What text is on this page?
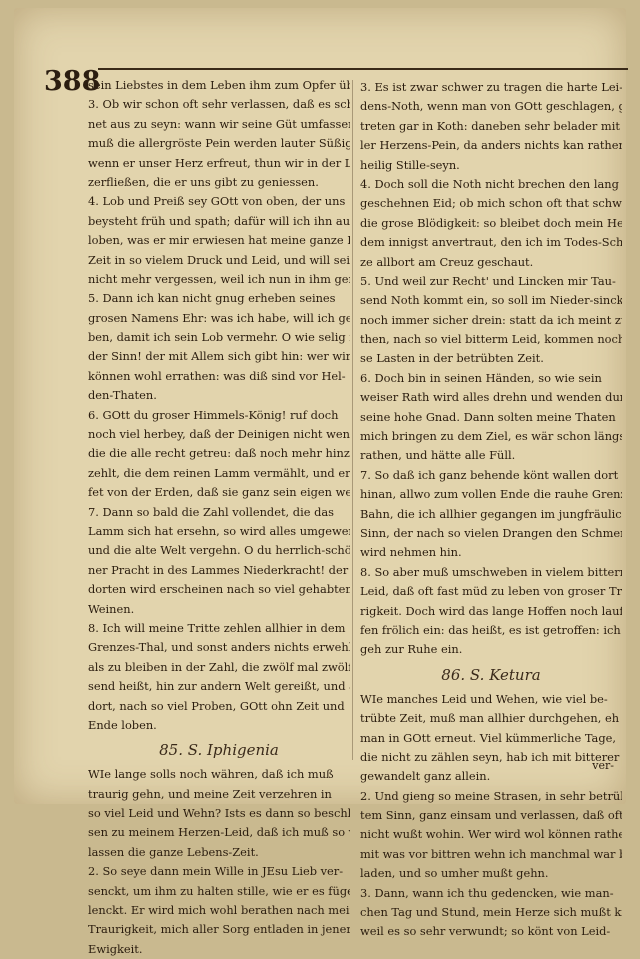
388
sein Liebstes in dem Leben ihm zum Opfer ü
3. Ob wir schon oft sehr verlassen, daß es schei-
net aus zu seyn: wann wir seine Güt umfassen,
muß die allergröste Pein werden lauter Süßigkeit,
wenn er unser Herz erfreut, thun wir in der Lieb
zerfließen, die er uns gibt zu geniessen.
4. Lob und Preiß sey GOtt von oben, der uns
beysteht früh und spath; dafür will ich ihn auch
loben, was er mir erwiesen hat meine ganze
Zeit in so vielem Druck und Leid, und will sein'
nicht mehr vergessen, weil ich nun in ihm ge
5. Dann ich kan nicht gnug erheben seines
grosen Namens Ehr: was ich habe, will ich ge-
ben, damit ich sein Lob vermehr. O wie selig ist
der Sinn! der mit Allem sich gibt hin: wer wird
können wohl errathen: was diß sind vor Hel-
den-Thaten.
6. GOtt du groser Himmels-König! ruf doch
noch viel herbey, daß der Deinigen nicht wenig,
die die alle recht getreu: daß noch mehr hinzu ge-
zehlt, die dem reinen Lamm vermählt, und er
fet von der Erden, daß sie ganz sein eigen we
7. Dann so bald die Zahl vollendet, die das
Lamm sich hat ersehn, so wird alles umgewendet,
und die alte Welt vergehn. O du herrlich-schö-
ner Pracht in des Lammes Niederkracht! der al-
dorten wird erscheinen nach so viel gehabtem
Weinen.
8. Ich will meine Tritte zehlen allhier in dem
Grenzes-Thal, und sonst anders nichts erwehlen,
als zu bleiben in der Zahl, die zwölf mal zwölf tau-
send heißt, hin zur andern Welt gereißt, und all-
dort, nach so viel Proben, GOtt ohn Zeit und
Ende loben.
85. S. Iphigenia
WIe lange solls noch währen, daß ich muß
traurig gehn, und meine Zeit verzehren in
so viel Leid und Wehn? Ists es dann so beschlos-
sen zu meinem Herzen-Leid, daß ich muß so ver-
lassen die ganze Lebens-Zeit.
2. So seye dann mein Wille in JEsu Lieb ver-
senckt, um ihm zu halten stille, wie er es füg
lenckt. Er wird mich wohl berathen nach meiner
Traurigkeit, mich aller Sorg entladen in jener
Ewigkeit.
3. Es ist zwar schwer zu tragen die harte Lei-
dens-Noth, wenn man von GOtt geschlagen, ge-
treten gar in Koth: daneben sehr belader mit vie-
ler Herzens-Pein, da anders nichts kan rathen als
heilig Stille-seyn.
4. Doch soll die Noth nicht brechen den lang
geschehnen Eid; ob mich schon oft that schw
die grose Blödigkeit: so bleibet doch mein Herze
dem innigst anvertraut, den ich im Todes-Schmer-
ze allbort am Creuz geschaut.
5. Und weil zur Recht' und Lincken mir Tau-
send Noth kommt ein, so soll im Nieder-sincken
noch immer sicher drein: statt da ich meint zu ra-
then, nach so viel bitterm Leid, kommen noch
se Lasten in der betrübten Zeit.
6. Doch bin in seinen Händen, so wie sein
weiser Rath wird alles drehn und wenden durch
seine hohe Gnad. Dann solten meine Thaten
mich bringen zu dem Ziel, es wär schon läng
rathen, und hätte alle Füll.
7. So daß ich ganz behende könt wallen dort
hinan, allwo zum vollen Ende die rauhe Grenzes-
Bahn, die ich allhier gegangen im jungfräulichen
Sinn, der nach so vielen Drangen den Schmerz
wird nehmen hin.
8. So aber muß umschweben in vielem bittern
Leid, daß oft fast müd zu leben von groser Trau-
rigkeit. Doch wird das lange Hoffen noch lauf-
fen frölich ein: das heißt, es ist getroffen: ich
geh zur Ruhe ein.
86. S. Ketura
WIe manches Leid und Wehen, wie viel be-
trübte Zeit, muß man allhier durchgehen, eh
man in GOtt erneut. Viel kümmerliche Tage,
die nicht zu zählen seyn, hab ich mit bitterer
gewandelt ganz allein.
2. Und gieng so meine Strasen, in sehr betrüb-
tem Sinn, ganz einsam und verlassen, daß oft
nicht wußt wohin. Wer wird wol können rathen,
mit was vor bittren wehn ich manchmal war be-
laden, und so umher mußt gehn.
3. Dann, wann ich thu gedencken, wie man-
chen Tag und Stund, mein Herze sich mußt k
weil es so sehr verwundt; so könt von Leid-
ver-
